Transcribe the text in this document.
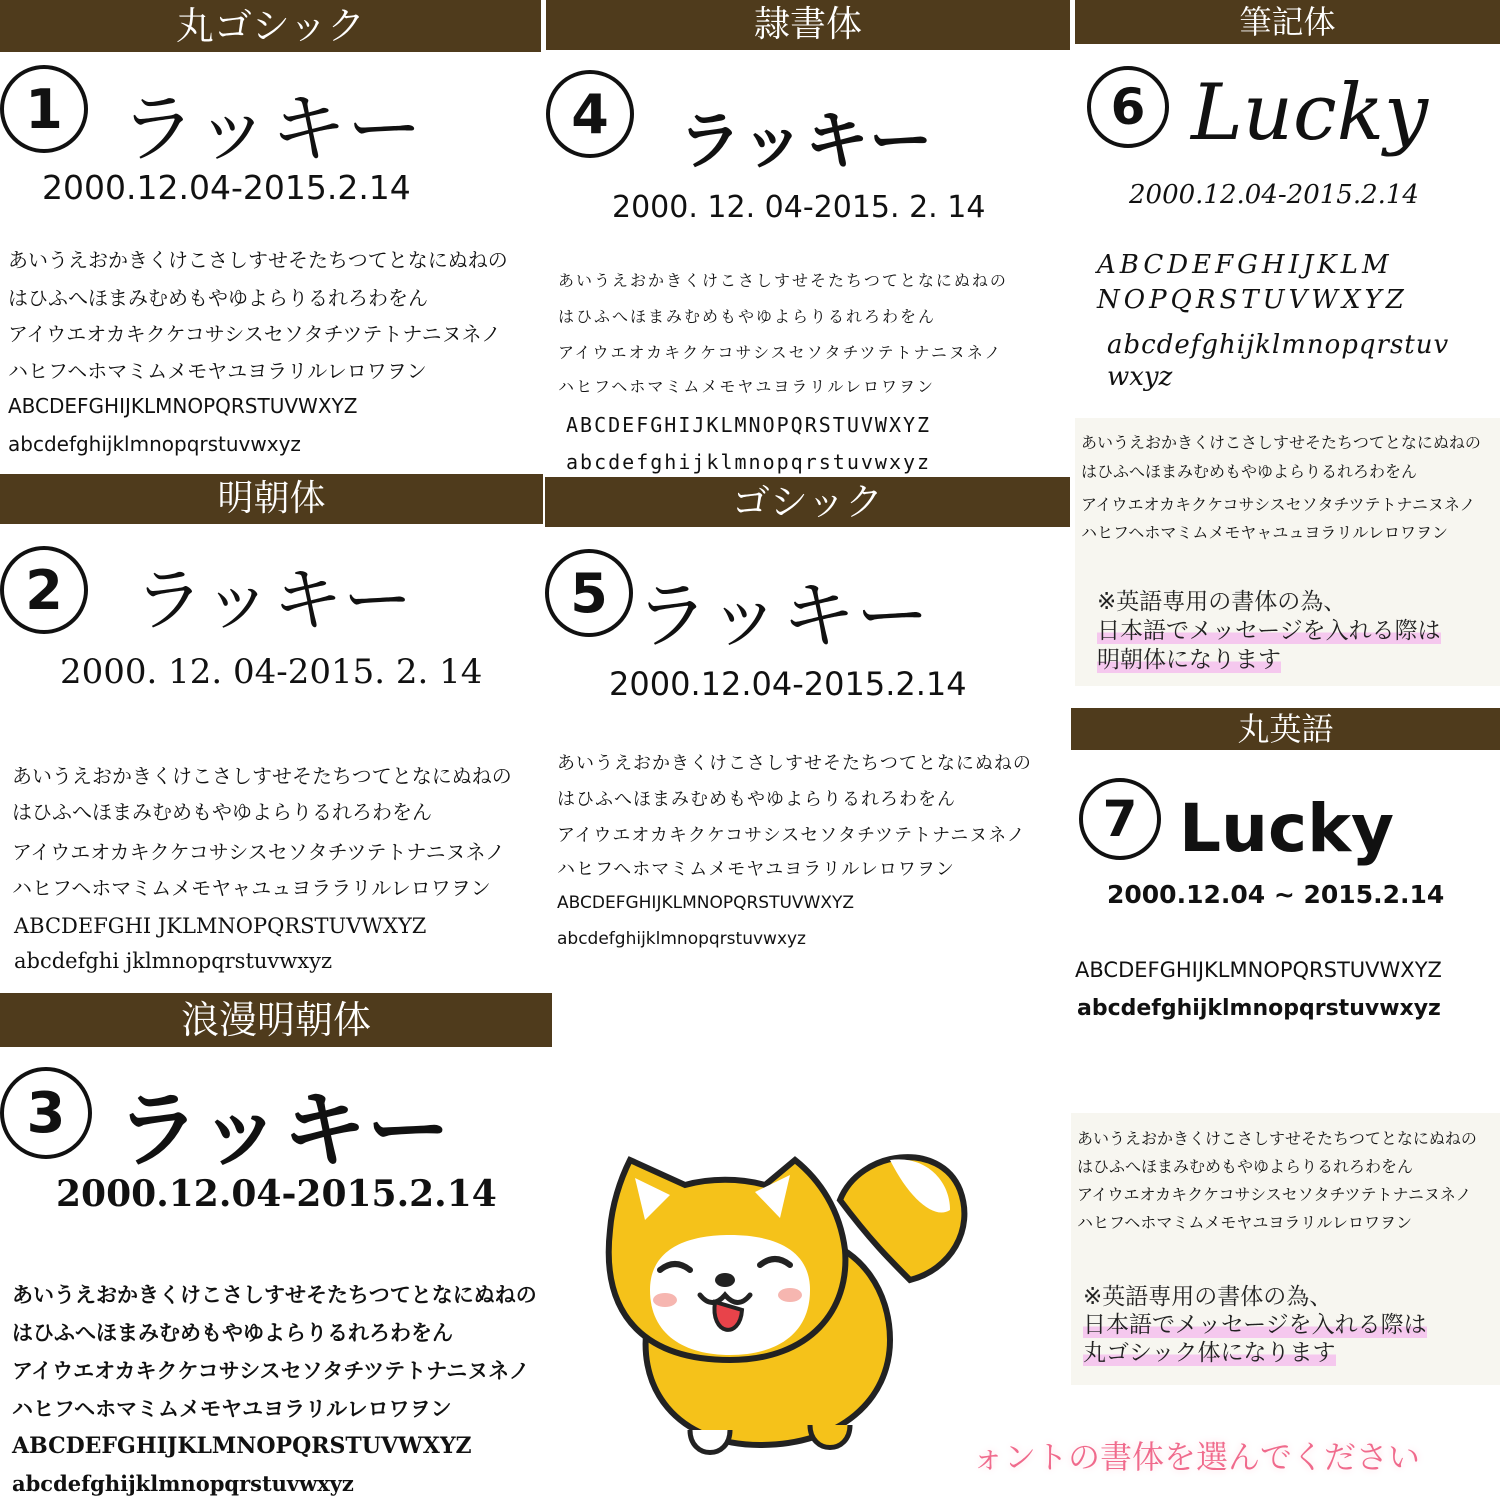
丸ゴシック
1 ラッキー
2000.12.04-2015.2.14
あいうえおかきくけこさしすせそたちつてとなにぬねの
はひふへほまみむめもやゆよらりるれろわをん
アイウエオカキクケコサシスセソタチツテトナニヌネノ
ハヒフヘホマミムメモヤユヨラリルレロワヲン
ABCDEFGHIJKLMNOPQRSTUVWXYZ
abcdefghijklmnopqrstuvwxyz
隷書体
4	ラッキー
2000. 12. 04-2015. 2. 14
あいうえおかきくけこさしすせそたちつてとなにぬねの
はひふへほまみむめもやゆよらりるれろわをん
アイウエオカキクケコサシスセソタチツテトナニヌネノ
ハヒフヘホマミムメモヤユヨラリルレロワヲン
ABCDEFGHIJKLMNOPQRSTUVWXYZ
abcdefghijklmnopqrstuvwxyz
筆記体
6 Lucky
2000.12.04-2015.2.14
ABCDEFGHIJKLM
NOPQRSTUVWXYZ
abcdefghijklmnopqrstuv
wxyz
あいうえおかきくけこさしすせそたちつてとなにぬねの
はひふへほまみむめもやゆよらりるれろわをん
アイウエオカキクケコサシスセソタチツテトナニヌネノ
ハヒフヘホマミムメモヤャユュヨラリルレロワヲン
※英語専用の書体の為、
日本語でメッセージを入れる際は
明朝体になります
明朝体
2	ラッキー
2000. 12. 04-2015. 2. 14
あいうえおかきくけこさしすせそたちつてとなにぬねの
はひふへほまみむめもやゆよらりるれろわをん
アイウエオカキクケコサシスセソタチツテトナニヌネノ
ハヒフヘホマミムメモヤャユュヨララリルレロワヲン
ABCDEFGHI JKLMNOPQRSTUVWXYZ
abcdefghi jklmnopqrstuvwxyz
ゴシック
5 ラッキー
2000.12.04-2015.2.14
あいうえおかきくけこさしすせそたちつてとなにぬねの
はひふへほまみむめもやゆよらりるれろわをん
アイウエオカキクケコサシスセソタチツテトナニヌネノ
ハヒフヘホマミムメモヤユヨラリルレロワヲン
ABCDEFGHIJKLMNOPQRSTUVWXYZ
abcdefghijklmnopqrstuvwxyz
丸英語
7 Lucky
2000.12.04 ~ 2015.2.14
ABCDEFGHIJKLMNOPQRSTUVWXYZ
abcdefghijklmnopqrstuvwxyz
あいうえおかきくけこさしすせそたちつてとなにぬねの
はひふへほまみむめもやゆよらりるれろわをん
アイウエオカキクケコサシスセソタチツテトナニヌネノ
ハヒフヘホマミムメモヤユヨラリルレロワヲン
※英語専用の書体の為、
日本語でメッセージを入れる際は
丸ゴシック体になります
浪漫明朝体
3 ラッキー
2000.12.04-2015.2.14
あいうえおかきくけこさしすせそたちつてとなにぬねの
はひふへほまみむめもやゆよらりるれろわをん
アイウエオカキクケコサシスセソタチツテトナニヌネノ
ハヒフヘホマミムメモヤユヨラリルレロワヲン
ABCDEFGHIJKLMNOPQRSTUVWXYZ
abcdefghijklmnopqrstuvwxyz
ォントの書体を選んでください
